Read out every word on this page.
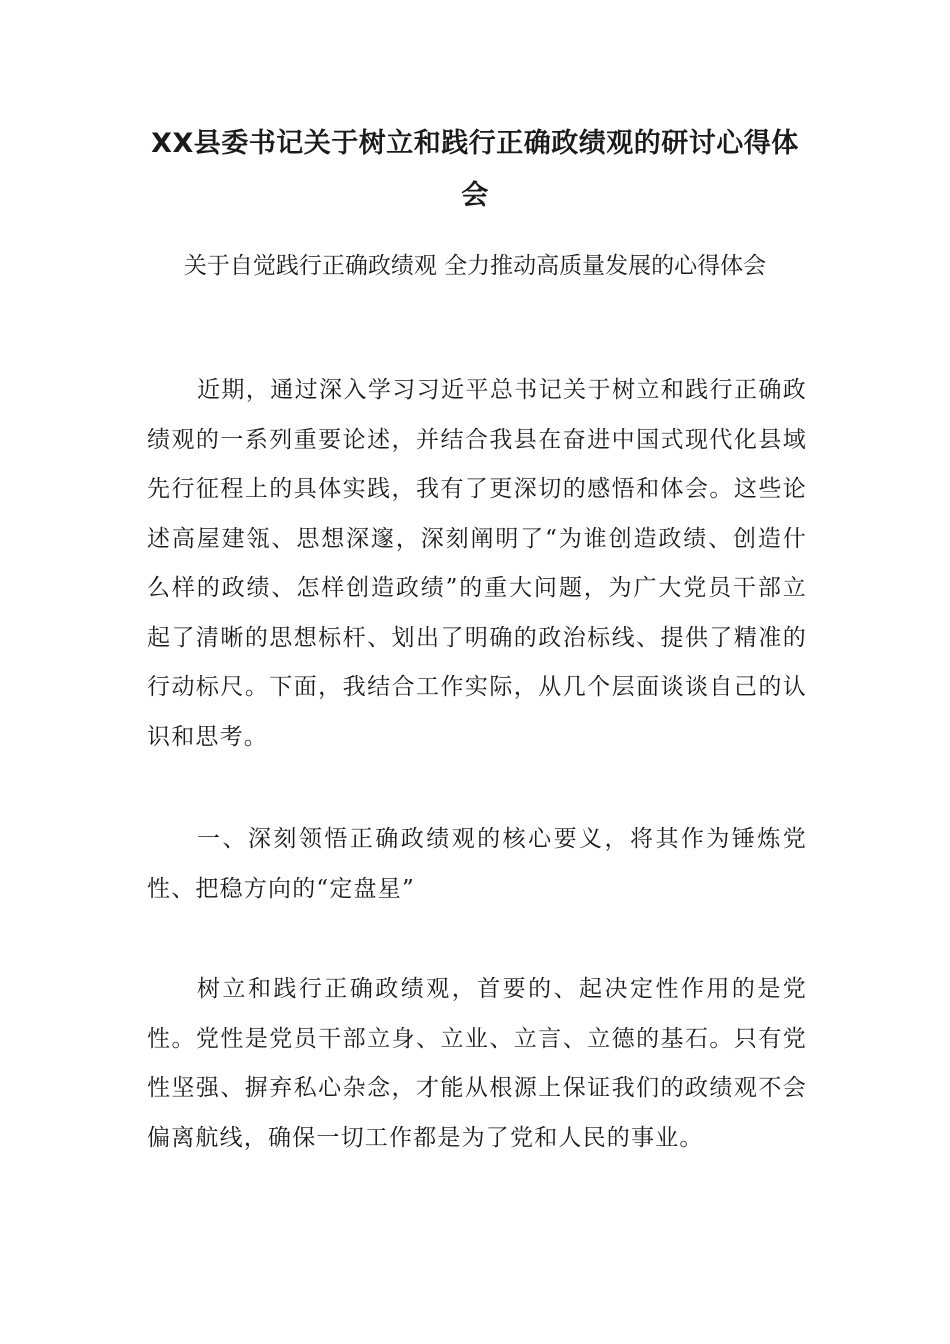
XX县委书记关于树立和践行正确政绩观的研讨心得体会

关于自觉践行正确政绩观 全力推动高质量发展的心得体会

近期，通过深入学习习近平总书记关于树立和践行正确政绩观的一系列重要论述，并结合我县在奋进中国式现代化县域先行征程上的具体实践，我有了更深切的感悟和体会。这些论述高屋建瓴、思想深邃，深刻阐明了“为谁创造政绩、创造什么样的政绩、怎样创造政绩”的重大问题，为广大党员干部立起了清晰的思想标杆、划出了明确的政治标线、提供了精准的行动标尺。下面，我结合工作实际，从几个层面谈谈自己的认识和思考。

一、深刻领悟正确政绩观的核心要义，将其作为锤炼党性、把稳方向的“定盘星”

树立和践行正确政绩观，首要的、起决定性作用的是党性。党性是党员干部立身、立业、立言、立德的基石。只有党性坚强、摒弃私心杂念，才能从根源上保证我们的政绩观不会偏离航线，确保一切工作都是为了党和人民的事业。
